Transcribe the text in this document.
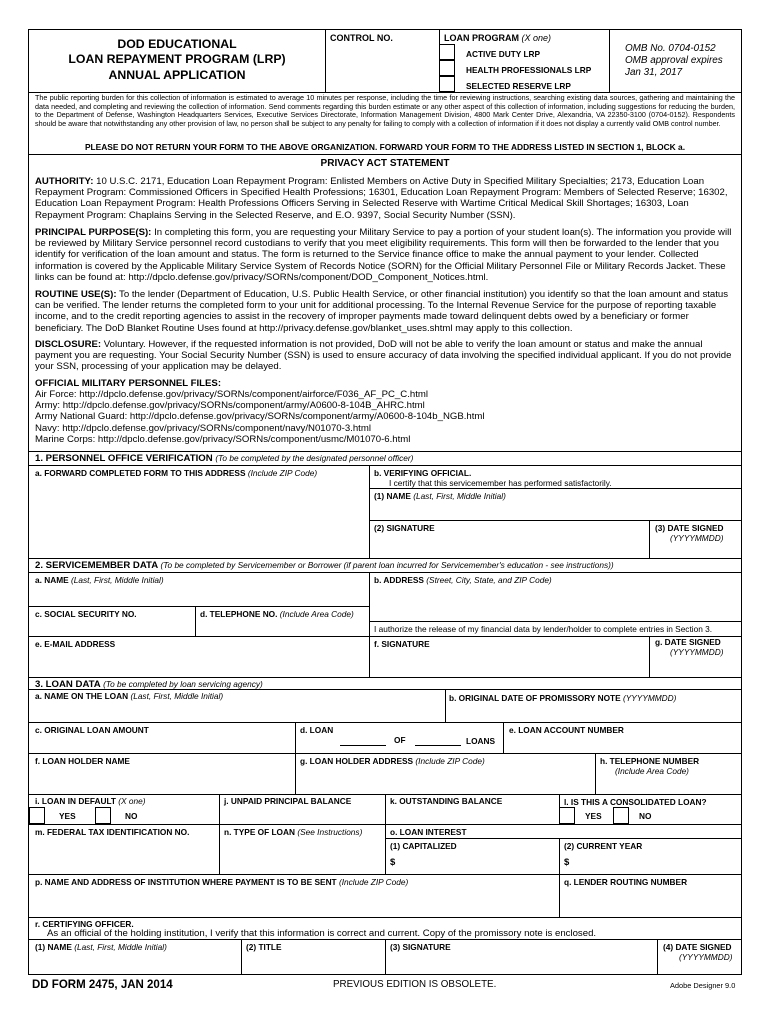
DOD EDUCATIONAL
LOAN REPAYMENT PROGRAM (LRP)
ANNUAL APPLICATION
CONTROL NO.	LOAN PROGRAM (X one)
ACTIVE DUTY LRP
HEALTH PROFESSIONALS LRP
SELECTED RESERVE LRP
OMB No. 0704-0152
OMB approval expires
Jan 31, 2017
The public reporting burden for this collection of information is estimated to average 10 minutes per response, including the time for reviewing instructions, searching existing data sources, gathering and maintaining the data needed, and completing and reviewing the collection of information. Send comments regarding this burden estimate or any other aspect of this collection of information, including suggestions for reducing the burden, to the Department of Defense, Washington Headquarters Services, Executive Services Directorate, Information Management Division, 4800 Mark Center Drive, Alexandria, VA 22350-3100 (0704-0152). Respondents should be aware that notwithstanding any other provision of law, no person shall be subject to any penalty for failing to comply with a collection of information if it does not display a currently valid OMB control number.
PLEASE DO NOT RETURN YOUR FORM TO THE ABOVE ORGANIZATION. FORWARD YOUR FORM TO THE ADDRESS LISTED IN SECTION 1, BLOCK a.
PRIVACY ACT STATEMENT
AUTHORITY: 10 U.S.C. 2171, Education Loan Repayment Program: Enlisted Members on Active Duty in Specified Military Specialties; 2173, Education Loan Repayment Program: Commissioned Officers in Specified Health Professions; 16301, Education Loan Repayment Program: Members of Selected Reserve; 16302, Education Loan Repayment Program: Health Professions Officers Serving in Selected Reserve with Wartime Critical Medical Skill Shortages; 16303, Loan Repayment Program: Chaplains Serving in the Selected Reserve, and E.O. 9397, Social Security Number (SSN).
PRINCIPAL PURPOSE(S): In completing this form, you are requesting your Military Service to pay a portion of your student loan(s). The information you provide will be reviewed by Military Service personnel record custodians to verify that you meet eligibility requirements. This form will then be forwarded to the lender that you identify for verification of the loan amount and status. The form is returned to the Service finance office to make the annual payment to your lender. Collected information is covered by the Applicable Military Service System of Records Notice (SORN) for the Official Military Personnel File or Military Records Jacket. These links can be found at: http://dpclo.defense.gov/privacy/SORNs/component/DOD_Component_Notices.html.
ROUTINE USE(S): To the lender (Department of Education, U.S. Public Health Service, or other financial institution) you identify so that the loan amount and status can be verified. The lender returns the completed form to your unit for additional processing. To the Internal Revenue Service for the purpose of reporting taxable income, and to the credit reporting agencies to assist in the recovery of improper payments made toward delinquent debts owed by a beneficiary or former beneficiary. The DoD Blanket Routine Uses found at http://privacy.defense.gov/blanket_uses.shtml may apply to this collection.
DISCLOSURE: Voluntary. However, if the requested information is not provided, DoD will not be able to verify the loan amount or status and make the annual payment you are requesting. Your Social Security Number (SSN) is used to ensure accuracy of data involving the specified individual applicant. If you do not provide your SSN, processing of your application may be delayed.
OFFICIAL MILITARY PERSONNEL FILES:
Air Force: http://dpclo.defense.gov/privacy/SORNs/component/airforce/F036_AF_PC_C.html
Army: http://dpclo.defense.gov/privacy/SORNs/component/army/A0600-8-104B_AHRC.html
Army National Guard: http://dpclo.defense.gov/privacy/SORNs/component/army/A0600-8-104b_NGB.html
Navy: http://dpclo.defense.gov/privacy/SORNs/component/navy/N01070-3.html
Marine Corps: http://dpclo.defense.gov/privacy/SORNs/component/usmc/M01070-6.html
1. PERSONNEL OFFICE VERIFICATION (To be completed by the designated personnel officer)
a. FORWARD COMPLETED FORM TO THIS ADDRESS (Include ZIP Code)	b. VERIFYING OFFICIAL.
I certify that this servicemember has performed satisfactorily.
(1) NAME (Last, First, Middle Initial)
(2) SIGNATURE	(3) DATE SIGNED
(YYYYMMDD)
2. SERVICEMEMBER DATA (To be completed by Servicemember or Borrower (if parent loan incurred for Servicemember's education - see instructions))
a. NAME (Last, First, Middle Initial)	b. ADDRESS (Street, City, State, and ZIP Code)
c. SOCIAL SECURITY NO.	d. TELEPHONE NO. (Include Area Code)
I authorize the release of my financial data by lender/holder to complete entries in Section 3.
e. E-MAIL ADDRESS	f. SIGNATURE	g. DATE SIGNED
(YYYYMMDD)
3. LOAN DATA (To be completed by loan servicing agency)
a. NAME ON THE LOAN (Last, First, Middle Initial)	b. ORIGINAL DATE OF PROMISSORY NOTE (YYYYMMDD)
c. ORIGINAL LOAN AMOUNT	d. LOAN
OF	LOANS
e. LOAN ACCOUNT NUMBER
f. LOAN HOLDER NAME	g. LOAN HOLDER ADDRESS (Include ZIP Code)	h. TELEPHONE NUMBER
(Include Area Code)
i. LOAN IN DEFAULT (X one)
YES	NO
j. UNPAID PRINCIPAL BALANCE	k. OUTSTANDING BALANCE	l. IS THIS A CONSOLIDATED LOAN?
YES	NO
m. FEDERAL TAX IDENTIFICATION NO.	n. TYPE OF LOAN (See Instructions)	o. LOAN INTEREST
(1) CAPITALIZED
$
(2) CURRENT YEAR
$
p. NAME AND ADDRESS OF INSTITUTION WHERE PAYMENT IS TO BE SENT (Include ZIP Code)	q. LENDER ROUTING NUMBER
r. CERTIFYING OFFICER.
As an official of the holding institution, I verify that this information is correct and current. Copy of the promissory note is enclosed.
(1) NAME (Last, First, Middle Initial)	(2) TITLE	(3) SIGNATURE	(4) DATE SIGNED
(YYYYMMDD)
DD FORM 2475, JAN 2014	PREVIOUS EDITION IS OBSOLETE.	Adobe Designer 9.0
